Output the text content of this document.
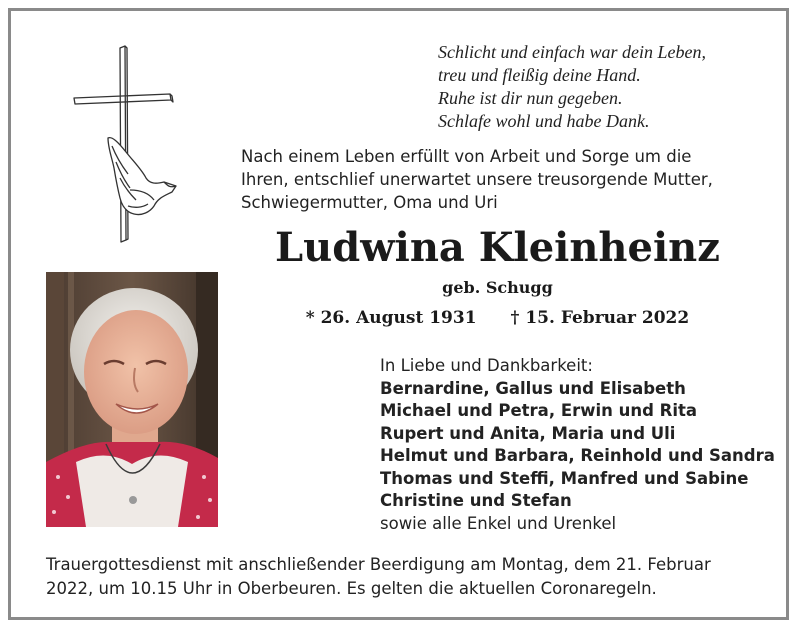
Schlicht und einfach war dein Leben,
treu und fleißig deine Hand.
Ruhe ist dir nun gegeben.
Schlafe wohl und habe Dank.
Nach einem Leben erfüllt von Arbeit und Sorge um die
Ihren, entschlief unerwartet unsere treusorgende Mutter,
Schwiegermutter, Oma und Uri
Ludwina Kleinheinz
geb. Schugg
* 26. August 1931 † 15. Februar 2022
In Liebe und Dankbarkeit:
Bernardine, Gallus und Elisabeth
Michael und Petra, Erwin und Rita
Rupert und Anita, Maria und Uli
Helmut und Barbara, Reinhold und Sandra
Thomas und Steffi, Manfred und Sabine
Christine und Stefan
sowie alle Enkel und Urenkel
Trauergottesdienst mit anschließender Beerdigung am Montag, dem 21. Februar
2022, um 10.15 Uhr in Oberbeuren. Es gelten die aktuellen Coronaregeln.
